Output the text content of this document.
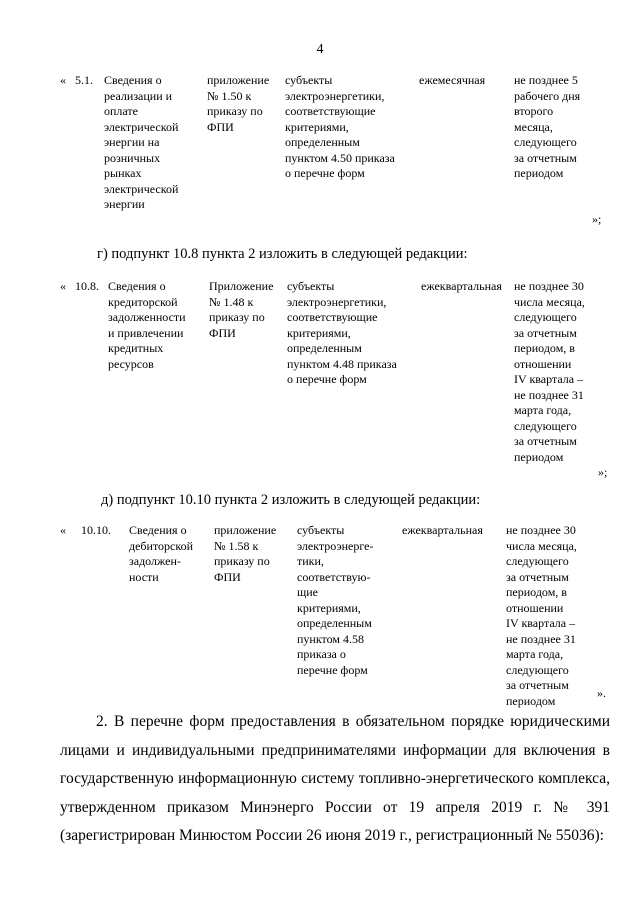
4
« 5.1. Сведения о
реализации и
оплате
электрической
энергии на
розничных
рынках
электрической
энергии
приложение
№ 1.50 к
приказу по
ФПИ
субъекты
электроэнергетики,
соответствующие
критериями,
определенным
пунктом 4.50 приказа
о перечне форм
ежемесячная не позднее 5
рабочего дня
второго
месяца,
следующего
за отчетным
периодом
»;
г) подпункт 10.8 пункта 2 изложить в следующей редакции:
« 10.8. Сведения о
кредиторской
задолженности
и привлечении
кредитных
ресурсов
Приложение
№ 1.48 к
приказу по
ФПИ
субъекты
электроэнергетики,
соответствующие
критериями,
определенным
пунктом 4.48 приказа
о перечне форм
ежеквартальная не позднее 30
числа месяца,
следующего
за отчетным
периодом, в
отношении
IV квартала –
не позднее 31
марта года,
следующего
за отчетным
периодом
»;
д) подпункт 10.10 пункта 2 изложить в следующей редакции:
« 10.10. Сведения о
дебиторской
задолжен-
ности
приложение
№ 1.58 к
приказу по
ФПИ
субъекты
электроэнерге-
тики,
соответствую-
щие
критериями,
определенным
пунктом 4.58
приказа о
перечне форм
ежеквартальная не позднее 30
числа месяца,
следующего
за отчетным
периодом, в
отношении
IV квартала –
не позднее 31
марта года,
следующего
за отчетным
периодом
».
2. В перечне форм предоставления в обязательном порядке юридическими
лицами и индивидуальными предпринимателями информации для включения в
государственную информационную систему топливно-энергетического комплекса,
утвержденном приказом Минэнерго России от 19 апреля 2019 г. № 391
(зарегистрирован Минюстом России 26 июня 2019 г., регистрационный № 55036):
